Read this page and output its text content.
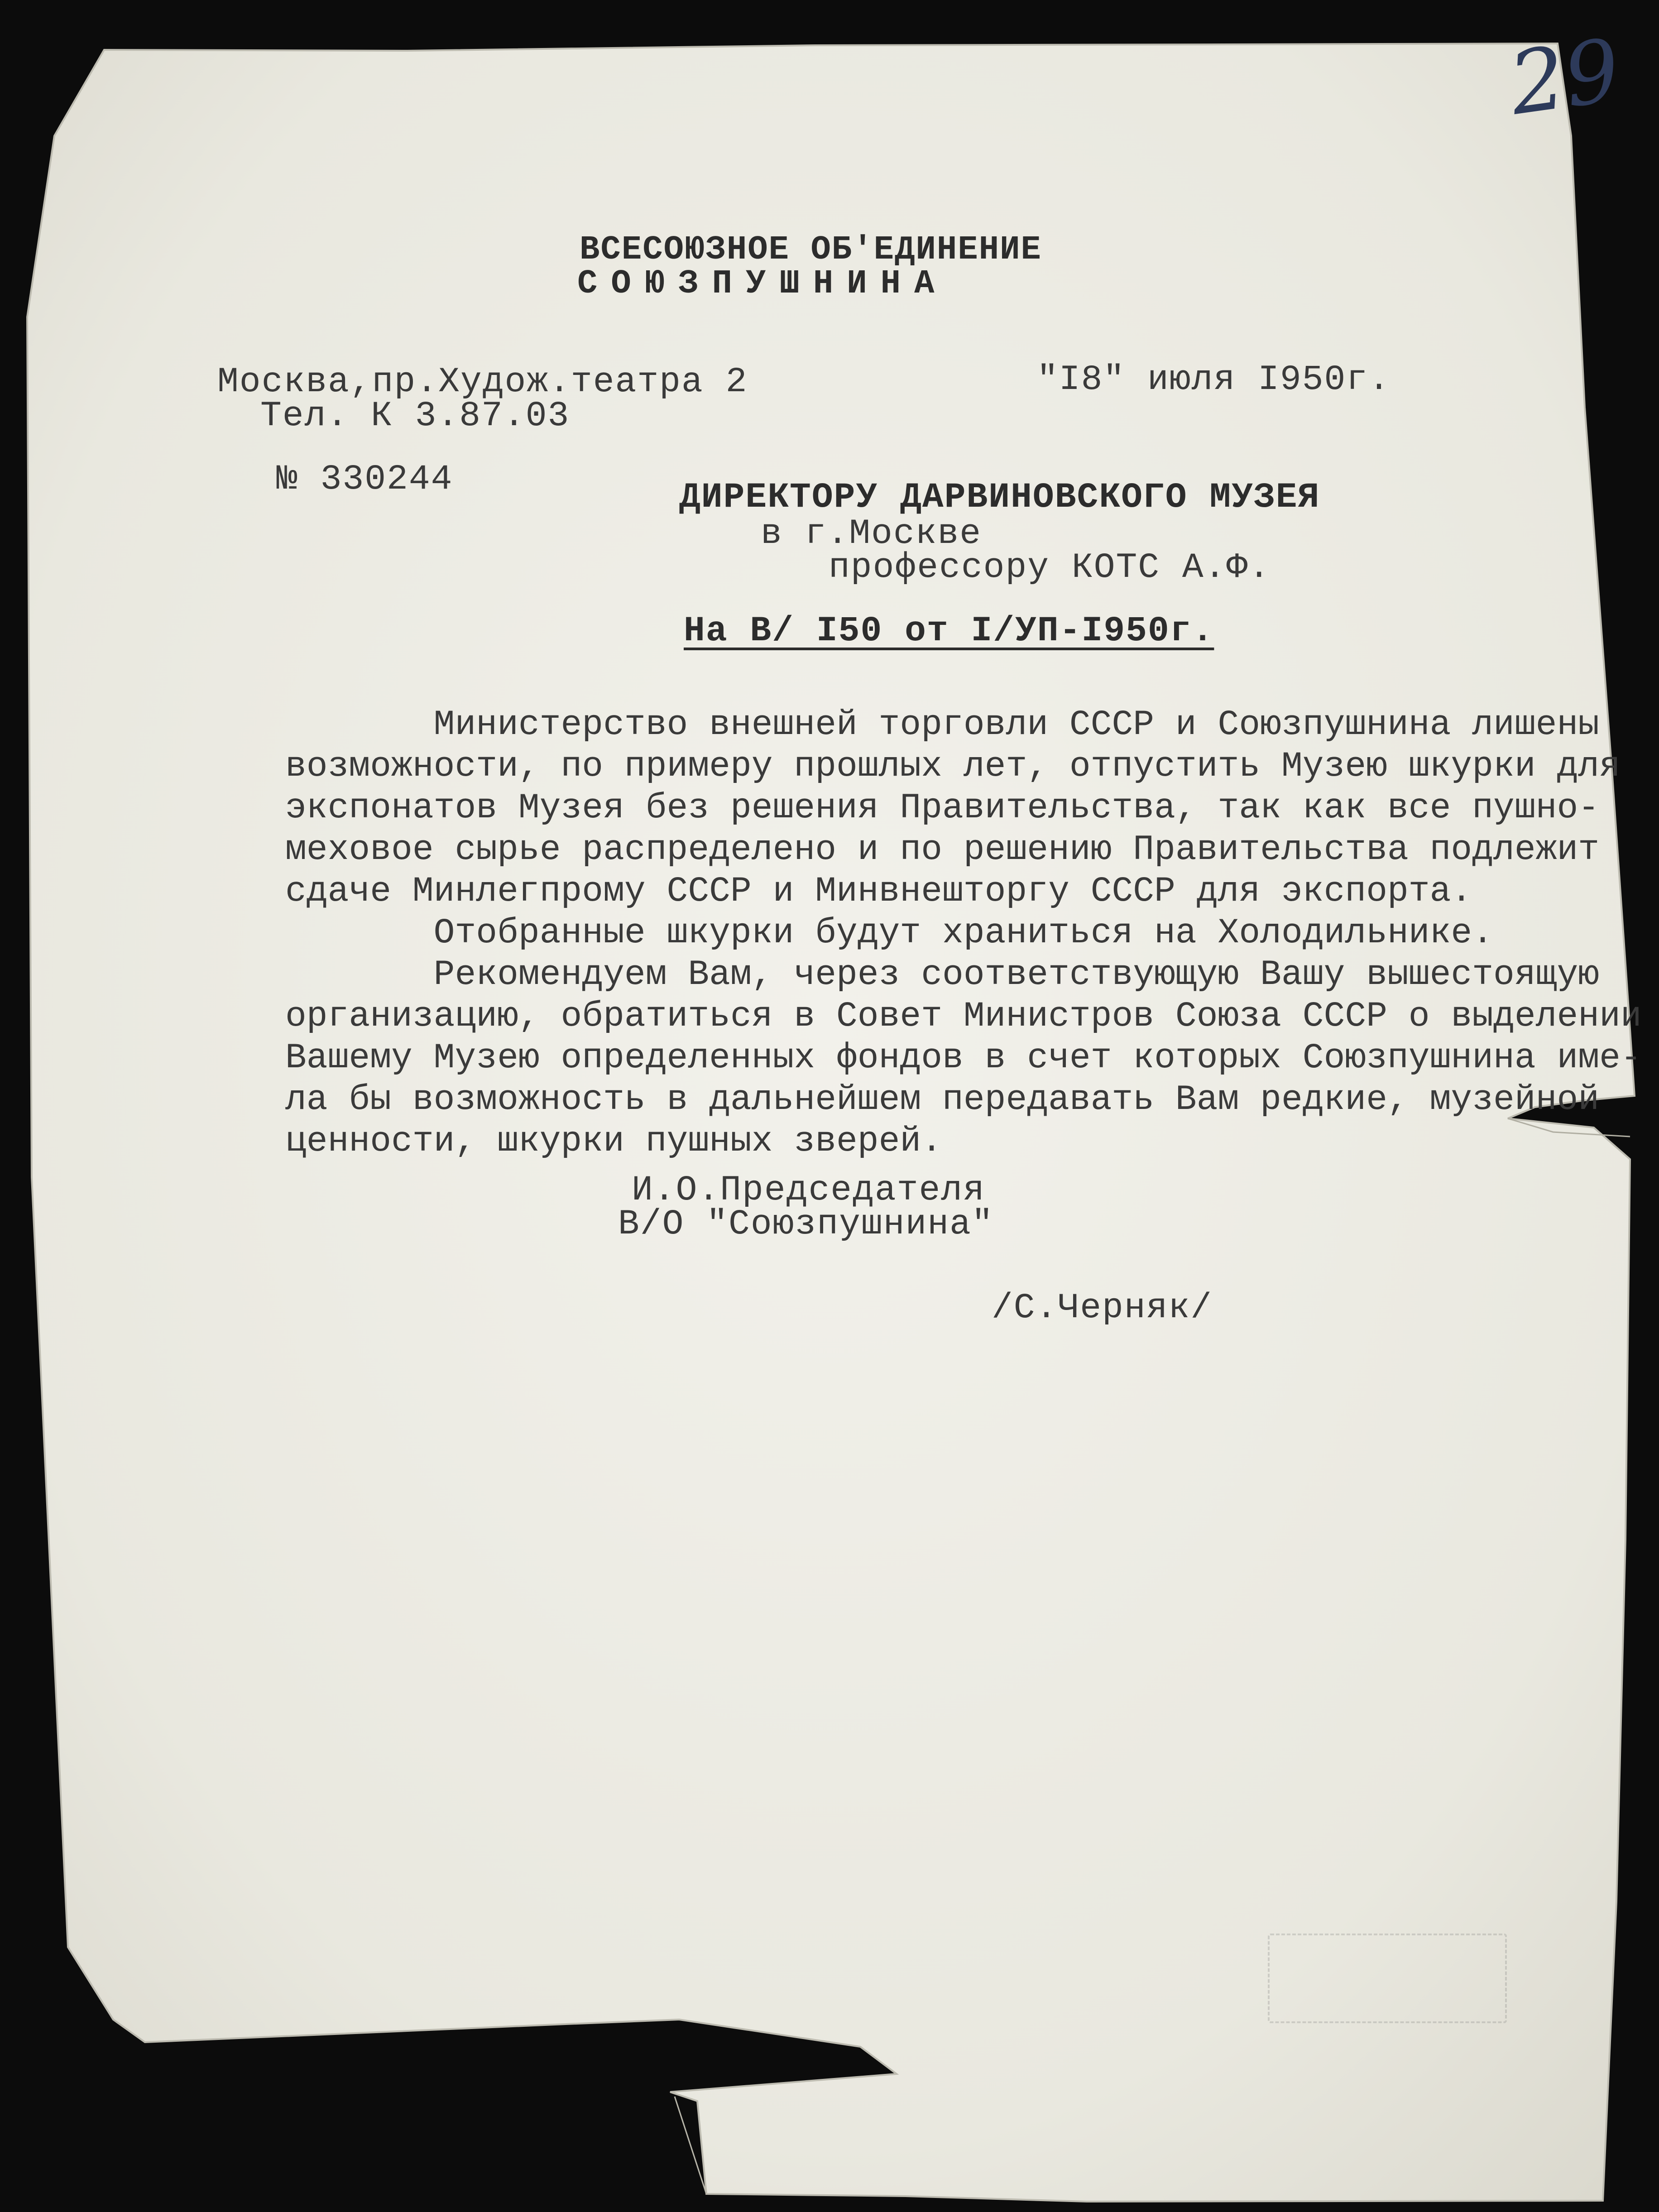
29

ВСЕСОЮЗНОЕ ОБ'ЕДИНЕНИЕ

СОЮЗПУШНИНА

Москва,пр.Худож.театра 2

Тел. К 3.87.03

"I8" июля I950г.

№ 330244	ДИРЕКТОРУ ДАРВИНОВСКОГО МУЗЕЯ

в г.Москве

профессору КОТС А.Ф.

На В/ I50 от I/УП-I950г.

Министерство внешней торговли СССР и Союзпушнина лишены
возможности, по примеру прошлых лет, отпустить Музею шкурки для
экспонатов Музея без решения Правительства, так как все пушно-
меховое сырье распределено и по решению Правительства подлежит
сдаче Минлегпрому СССР и Минвнешторгу СССР для экспорта.
Отобранные шкурки будут храниться на Холодильнике.
Рекомендуем Вам, через соответствующую Вашу вышестоящую
организацию, обратиться в Совет Министров Союза СССР о выделении
Вашему Музею определенных фондов в счет которых Союзпушнина име-
ла бы возможность в дальнейшем передавать Вам редкие, музейной
ценности, шкурки пушных зверей.

И.О.Председателя

В/О "Союзпушнина"

/С.Черняк/
